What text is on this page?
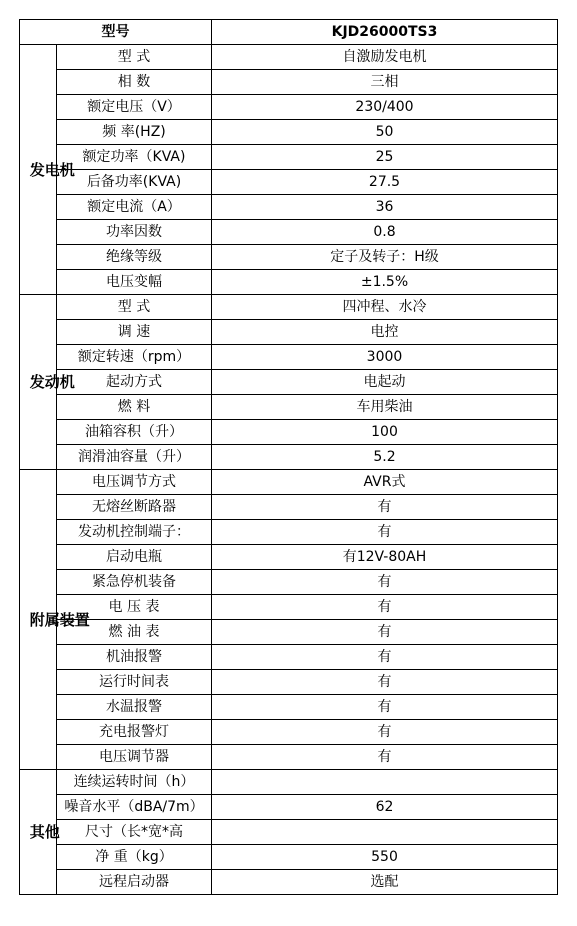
型号		KJD26000TS3

发电机	型 式	自激励发电机
	相 数	三相
	额定电压（V）	230/400
	频 率(HZ)	50
	额定功率（KVA)	25
	后备功率(KVA)	27.5
	额定电流（A）	36
	功率因数	0.8
	绝缘等级	定子及转子：H级
	电压变幅	±1.5%

发动机	型 式	四冲程、水冷
	调 速	电控
	额定转速（rpm）	3000
	起动方式	电起动
	燃 料	车用柴油
	油箱容积（升）	100
	润滑油容量（升）	5.2

附属装置	电压调节方式	AVR式
	无熔丝断路器	有
	发动机控制端子：	有
	启动电瓶	有12V-80AH
	紧急停机装备	有
	电 压 表	有
	燃 油 表	有
	机油报警	有
	运行时间表	有
	水温报警	有
	充电报警灯	有
	电压调节器	有

其他	连续运转时间（h）	
	噪音水平（dBA/7m）	62
	尺寸（长*宽*高	
	净 重（kg）	550
	远程启动器	选配
